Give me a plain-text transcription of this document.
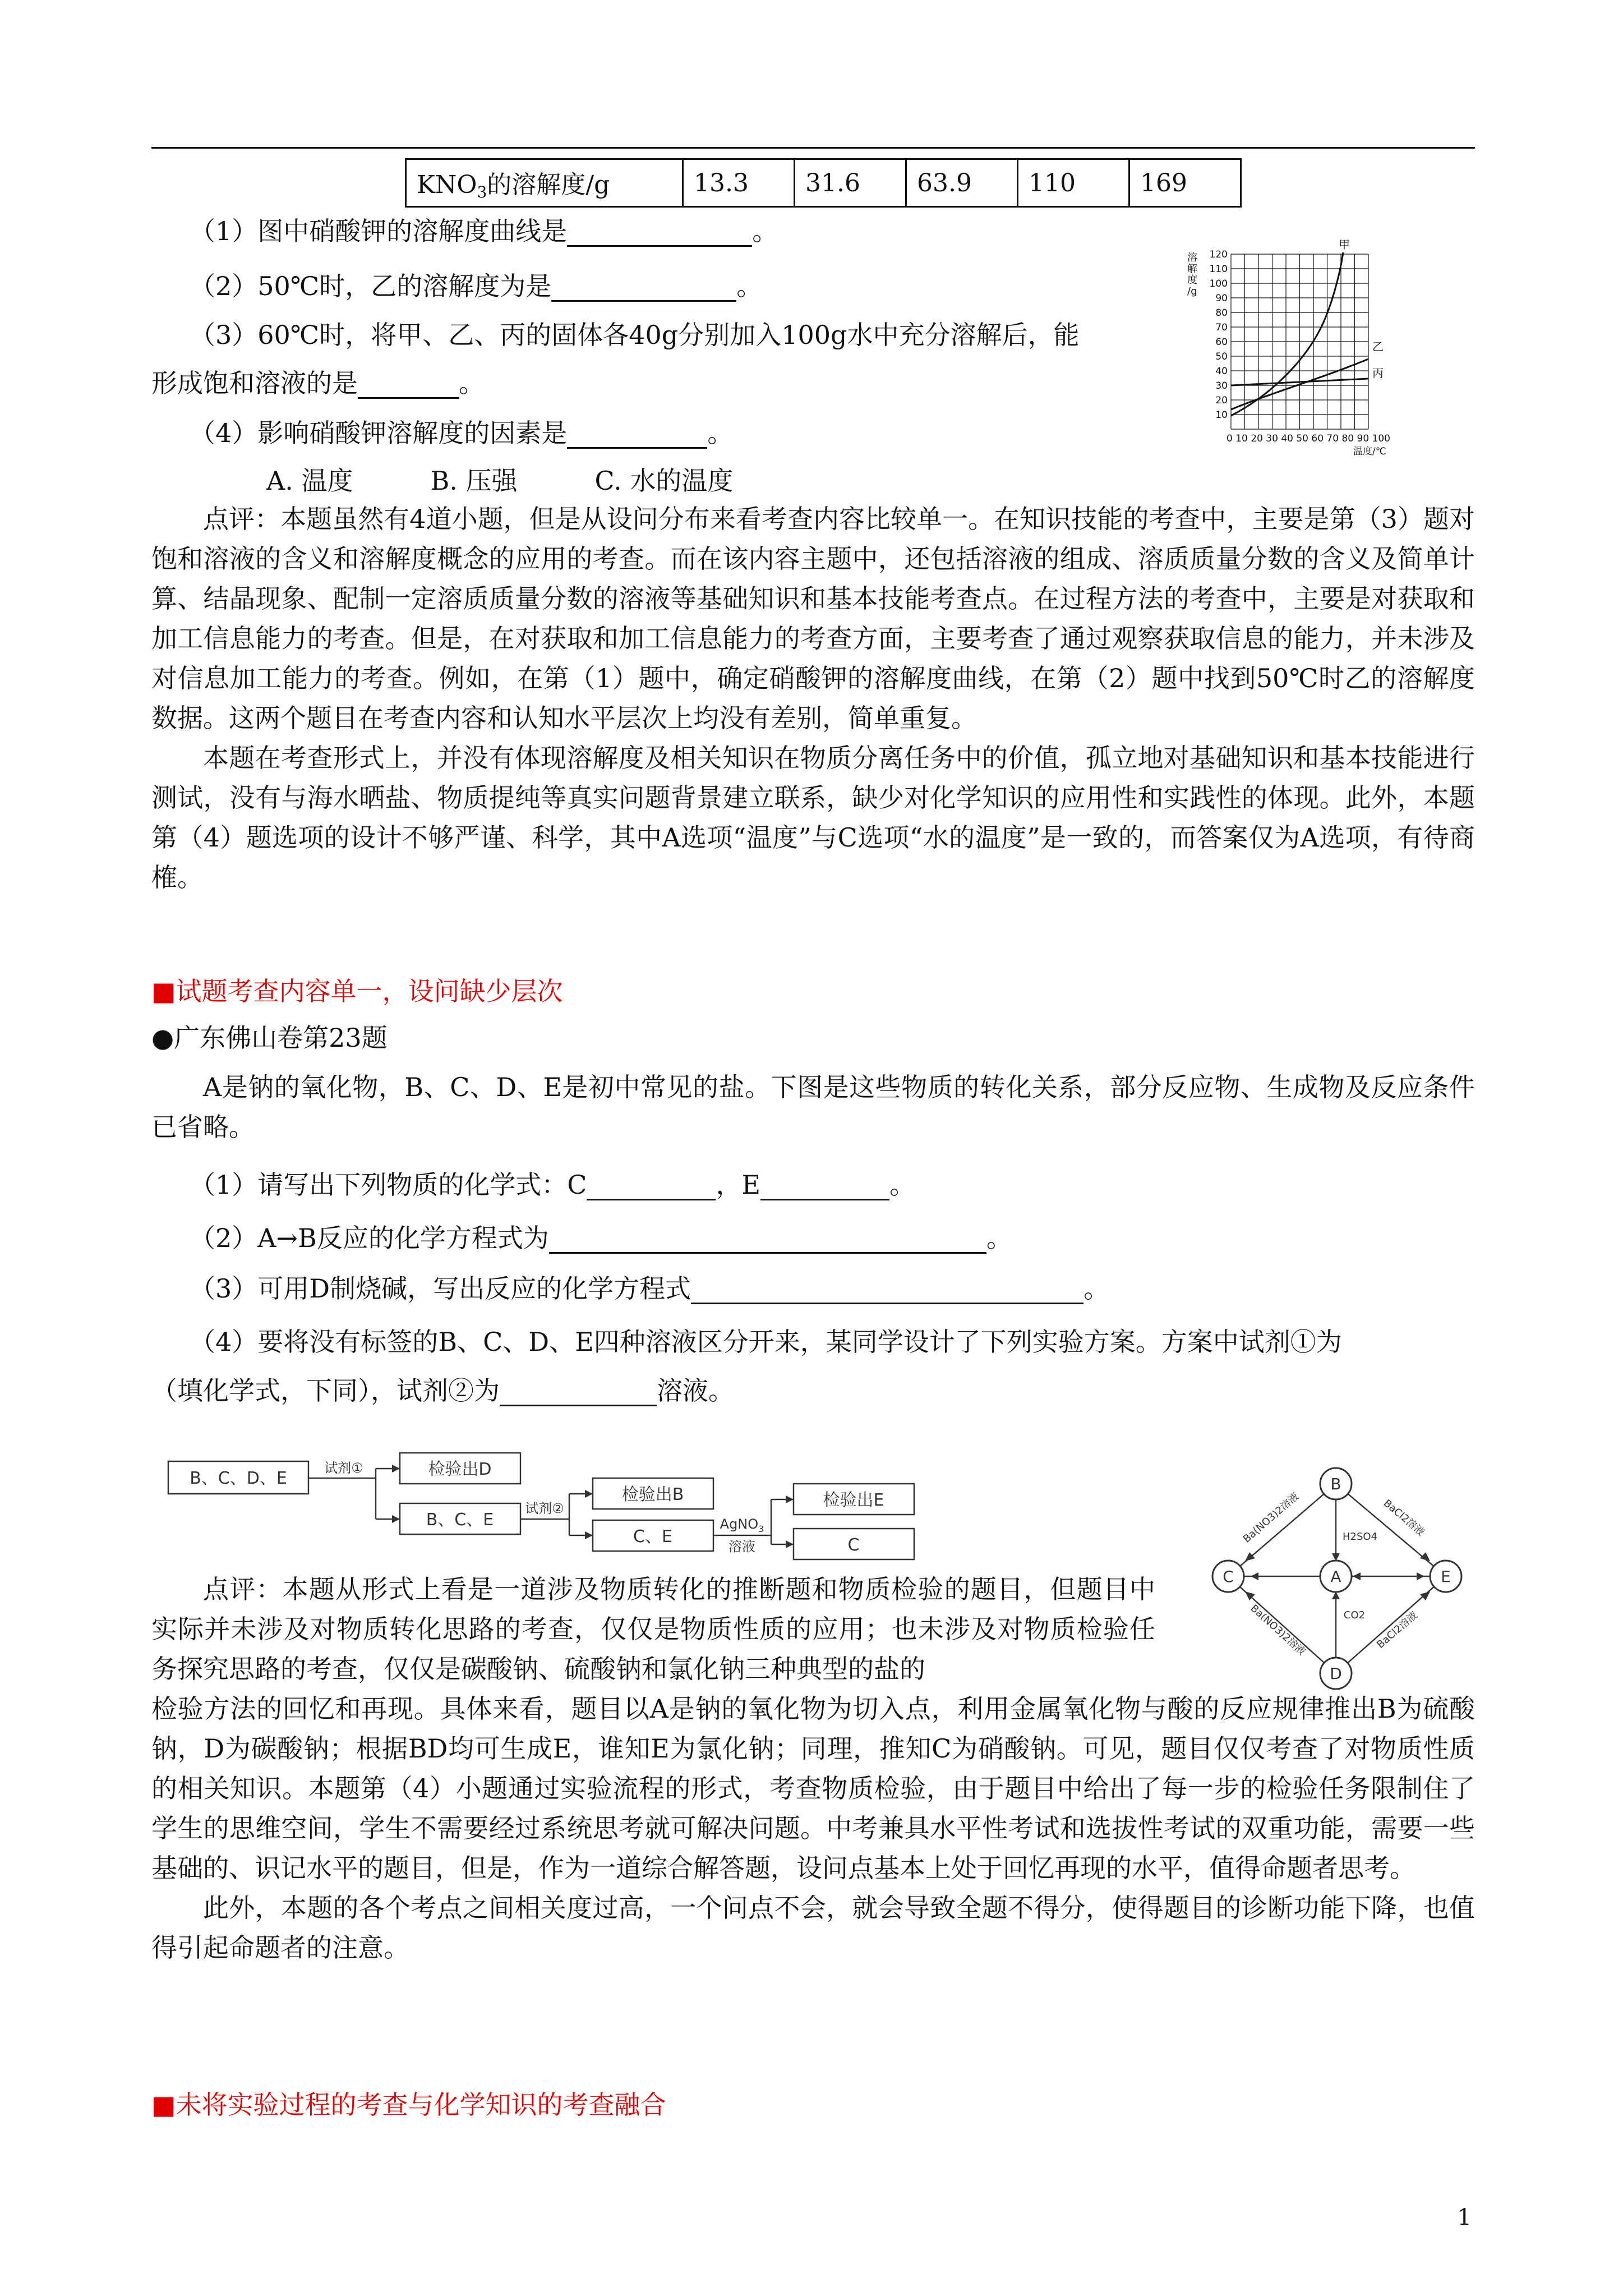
$KNO_3$的溶解度/g	13.3	31.6	63.9	110	169
（1）图中硝酸钾的溶解度曲线是	。
（2）50℃时，乙的溶解度为是	。
（3）60℃时，将甲、乙、丙的固体各40g分别加入100g水中充分溶解后，能
形成饱和溶液的是	。
（4）影响硝酸钾溶解度的因素是	。
A. 温度　　　B. 压强　　　C. 水的温度
溶
解
度
/g
120
110
100
90
80
70
60
50
40
30
20
10
0 10 20 30 40 50 60 70 80 90 100
温度/℃
甲
乙
丙

点评：本题虽然有4道小题，但是从设问分布来看考查内容比较单一。在知识技能的考查中，主要是第（3）题对饱和溶液的含义和溶解度概念的应用的考查。而在该内容主题中，还包括溶液的组成、溶质质量分数的含义及简单计算、结晶现象、配制一定溶质质量分数的溶液等基础知识和基本技能考查点。在过程方法的考查中，主要是对获取和加工信息能力的考查。但是，在对获取和加工信息能力的考查方面，主要考查了通过观察获取信息的能力，并未涉及对信息加工能力的考查。例如，在第（1）题中，确定硝酸钾的溶解度曲线，在第（2）题中找到50℃时乙的溶解度数据。这两个题目在考查内容和认知水平层次上均没有差别，简单重复。

本题在考查形式上，并没有体现溶解度及相关知识在物质分离任务中的价值，孤立地对基础知识和基本技能进行测试，没有与海水晒盐、物质提纯等真实问题背景建立联系，缺少对化学知识的应用性和实践性的体现。此外，本题第（4）题选项的设计不够严谨、科学，其中A选项“温度”与C选项“水的温度”是一致的，而答案仅为A选项，有待商榷。

■试题考查内容单一，设问缺少层次
●广东佛山卷第23题

A是钠的氧化物，B、C、D、E是初中常见的盐。下图是这些物质的转化关系，部分反应物、生成物及反应条件已省略。

（1）请写出下列物质的化学式：C	，E	。
（2）A→B反应的化学方程式为	。
（3）可用D制烧碱，写出反应的化学方程式	。
（4）要将没有标签的B、C、D、E四种溶液区分开来，某同学设计了下列实验方案。方案中试剂①为
（填化学式，下同），试剂②为	溶液。
B、C、D、E	检验出D
B、C、E
检验出B
C、E
检验出E
C
试剂①
试剂②
AgNO$_3$
溶液
B
C	A	E
D
Ba(NO3)2溶液	BaCl2溶液
Ba(NO3)2溶液	BaCl2溶液
H2SO4
CO2

点评：本题从形式上看是一道涉及物质转化的推断题和物质检验的题目，但题目中实际并未涉及对物质转化思路的考查，仅仅是物质性质的应用；也未涉及对物质检验任务探究思路的考查，仅仅是碳酸钠、硫酸钠和氯化钠三种典型的盐的

检验方法的回忆和再现。具体来看，题目以A是钠的氧化物为切入点，利用金属氧化物与酸的反应规律推出B为硫酸钠，D为碳酸钠；根据BD均可生成E，谁知E为氯化钠；同理，推知C为硝酸钠。可见，题目仅仅考查了对物质性质的相关知识。本题第（4）小题通过实验流程的形式，考查物质检验，由于题目中给出了每一步的检验任务限制住了学生的思维空间，学生不需要经过系统思考就可解决问题。中考兼具水平性考试和选拔性考试的双重功能，需要一些基础的、识记水平的题目，但是，作为一道综合解答题，设问点基本上处于回忆再现的水平，值得命题者思考。

此外，本题的各个考点之间相关度过高，一个问点不会，就会导致全题不得分，使得题目的诊断功能下降，也值得引起命题者的注意。

■未将实验过程的考查与化学知识的考查融合
1
